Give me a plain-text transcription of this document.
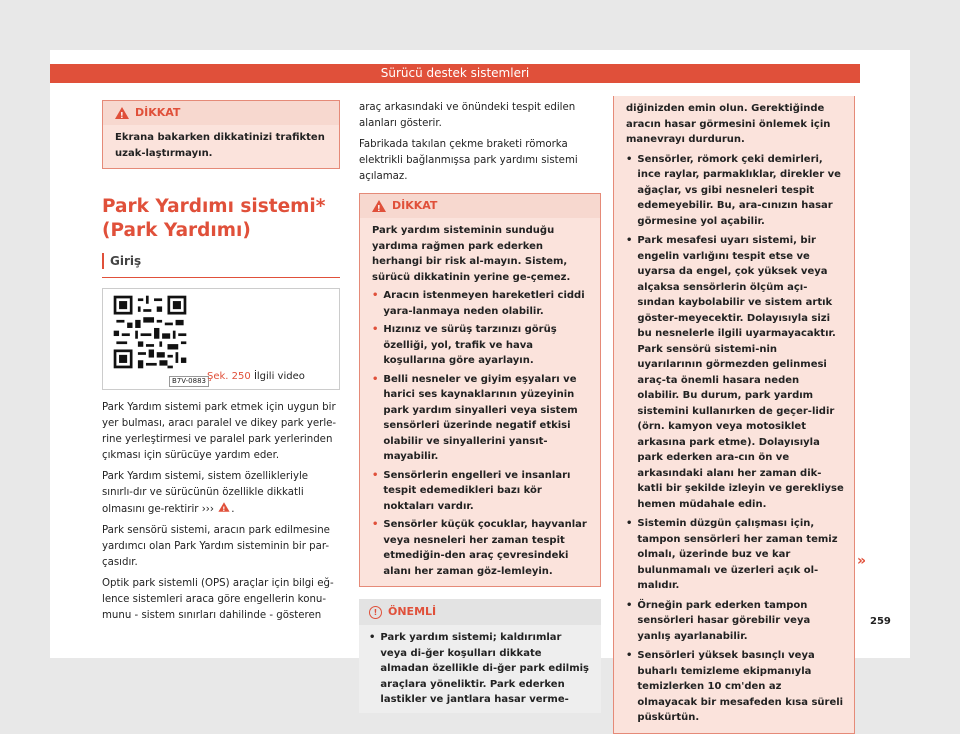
Sürücü destek sistemleri
!
DİKKAT
Ekrana bakarken dikkatinizi trafikten uzak-laştırmayın.
Park Yardımı sistemi* (Park Yardımı)
Giriş
B7V-0883 Şek. 250 İlgili video

Park Yardım sistemi park etmek için uygun bir yer bulması, aracı paralel ve dikey park yerle-rine yerleştirmesi ve paralel park yerlerinden çıkması için sürücüye yardım eder.

Park Yardım sistemi, sistem özellikleriyle sınırlı-dır ve sürücünün özellikle dikkatli olmasını ge-rektirir ››› ! .

Park sensörü sistemi, aracın park edilmesine yardımcı olan Park Yardım sisteminin bir par-çasıdır.

Optik park sistemli (OPS) araçlar için bilgi eğ-lence sistemleri araca göre engellerin konu-munu - sistem sınırları dahilinde - gösteren

araç arkasındaki ve önündeki tespit edilen alanları gösterir.

Fabrikada takılan çekme braketi römorka elektrikli bağlanmışsa park yardımı sistemi açılamaz.

!
DİKKAT
Park yardım sisteminin sunduğu yardıma rağmen park ederken herhangi bir risk al-mayın. Sistem, sürücü dikkatinin yerine ge-çemez.
• Aracın istenmeyen hareketleri ciddi yara-lanmaya neden olabilir.
• Hızınız ve sürüş tarzınızı görüş özelliği, yol, trafik ve hava koşullarına göre ayarlayın.
• Belli nesneler ve giyim eşyaları ve harici ses kaynaklarının yüzeyinin park yardım sinyalleri veya sistem sensörleri üzerinde negatif etkisi olabilir ve sinyallerini yansıt-mayabilir.
• Sensörlerin engelleri ve insanları tespit edemedikleri bazı kör noktaları vardır.
• Sensörler küçük çocuklar, hayvanlar veya nesneleri her zaman tespit etmediğin-den araç çevresindeki alanı her zaman göz-lemleyin.
! ÖNEMLİ
• Park yardım sistemi; kaldırımlar veya di-ğer koşulları dikkate almadan özellikle di-ğer park edilmiş araçlara yöneliktir. Park ederken lastikler ve jantlara hasar verme-
diğinizden emin olun. Gerektiğinde aracın hasar görmesini önlemek için manevrayı durdurun.
• Sensörler, römork çeki demirleri, ince raylar, parmaklıklar, direkler ve ağaçlar, vs gibi nesneleri tespit edemeyebilir. Bu, ara-cınızın hasar görmesine yol açabilir.
• Park mesafesi uyarı sistemi, bir engelin varlığını tespit etse ve uyarsa da engel, çok yüksek veya alçaksa sensörlerin ölçüm açı-sından kaybolabilir ve sistem artık göster-meyecektir. Dolayısıyla sizi bu nesnelerle ilgili uyarmayacaktır. Park sensörü sistemi-nin uyarılarının görmezden gelinmesi araç-ta önemli hasara neden olabilir. Bu durum, park yardım sistemini kullanırken de geçer-lidir (örn. kamyon veya motosiklet arkasına park etme). Dolayısıyla park ederken ara-cın ön ve arkasındaki alanı her zaman dik-katli bir şekilde izleyin ve gerekliyse hemen müdahale edin.
• Sistemin düzgün çalışması için, tampon sensörleri her zaman temiz olmalı, üzerinde buz ve kar bulunmamalı ve üzerleri açık ol-malıdır.
• Örneğin park ederken tampon sensörleri hasar görebilir veya yanlış ayarlanabilir.
• Sensörleri yüksek basınçlı veya buharlı temizleme ekipmanıyla temizlerken 10 cm'den az olmayacak bir mesafeden kısa süreli püskürtün.
»
259
